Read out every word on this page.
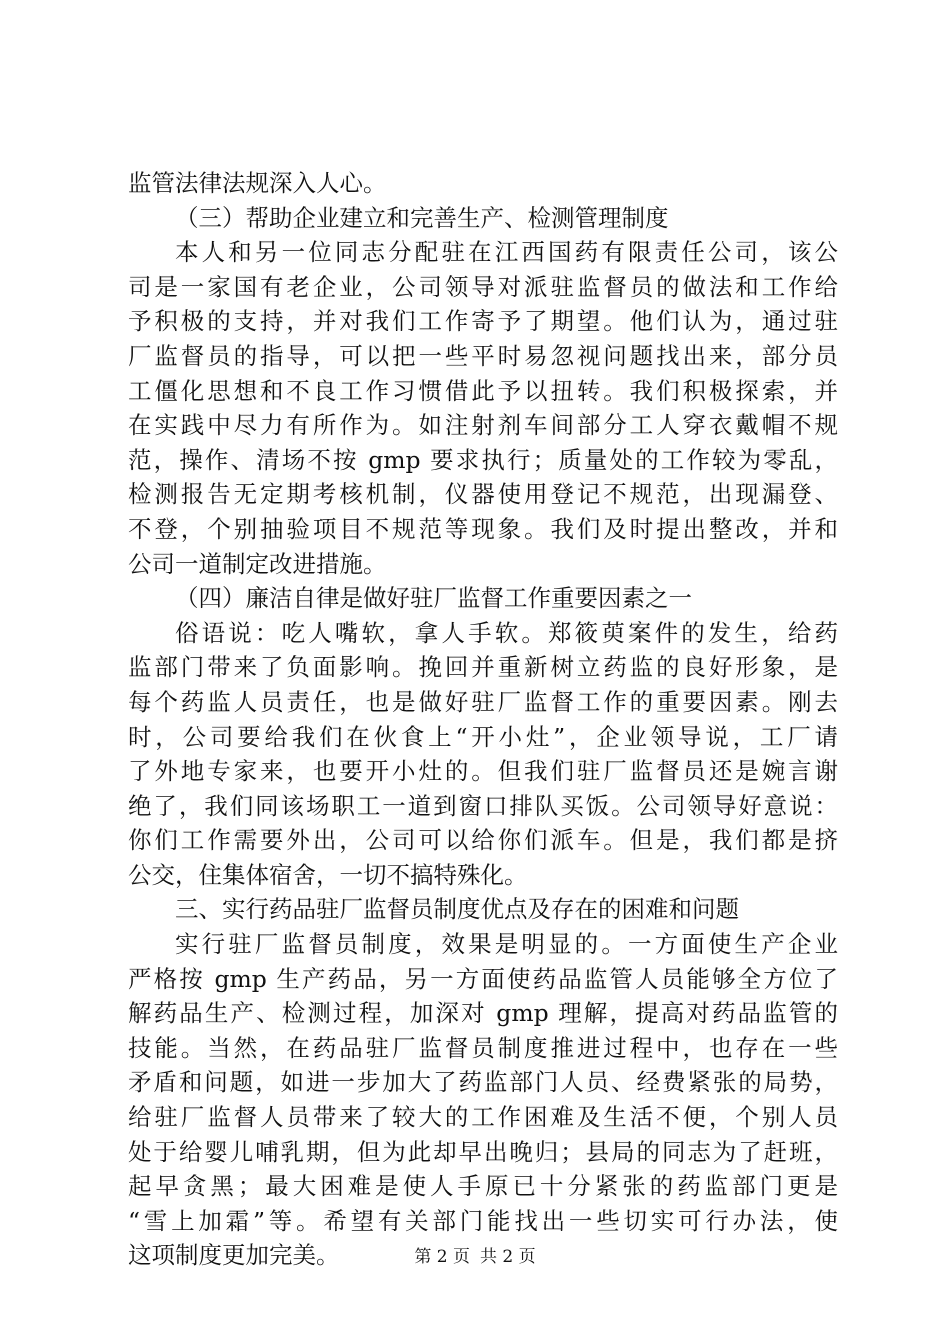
监管法律法规深入人心。
（三）帮助企业建立和完善生产、检测管理制度
本人和另一位同志分配驻在江西国药有限责任公司，该公
司是一家国有老企业，公司领导对派驻监督员的做法和工作给
予积极的支持，并对我们工作寄予了期望。他们认为，通过驻
厂监督员的指导，可以把一些平时易忽视问题找出来，部分员
工僵化思想和不良工作习惯借此予以扭转。我们积极探索，并
在实践中尽力有所作为。如注射剂车间部分工人穿衣戴帽不规
范，操作、清场不按 gmp 要求执行；质量处的工作较为零乱，
检测报告无定期考核机制，仪器使用登记不规范，出现漏登、
不登，个别抽验项目不规范等现象。我们及时提出整改，并和
公司一道制定改进措施。
（四）廉洁自律是做好驻厂监督工作重要因素之一
俗语说：吃人嘴软，拿人手软。郑筱萸案件的发生，给药
监部门带来了负面影响。挽回并重新树立药监的良好形象，是
每个药监人员责任，也是做好驻厂监督工作的重要因素。刚去
时，公司要给我们在伙食上“开小灶”，企业领导说，工厂请
了外地专家来，也要开小灶的。但我们驻厂监督员还是婉言谢
绝了，我们同该场职工一道到窗口排队买饭。公司领导好意说：
你们工作需要外出，公司可以给你们派车。但是，我们都是挤
公交，住集体宿舍，一切不搞特殊化。
三、实行药品驻厂监督员制度优点及存在的困难和问题
实行驻厂监督员制度，效果是明显的。一方面使生产企业
严格按 gmp 生产药品，另一方面使药品监管人员能够全方位了
解药品生产、检测过程，加深对 gmp 理解，提高对药品监管的
技能。当然，在药品驻厂监督员制度推进过程中，也存在一些
矛盾和问题，如进一步加大了药监部门人员、经费紧张的局势，
给驻厂监督人员带来了较大的工作困难及生活不便，个别人员
处于给婴儿哺乳期，但为此却早出晚归；县局的同志为了赶班，
起早贪黑；最大困难是使人手原已十分紧张的药监部门更是
“雪上加霜”等。希望有关部门能找出一些切实可行办法，使
这项制度更加完美。	第 2 页 共 2 页
